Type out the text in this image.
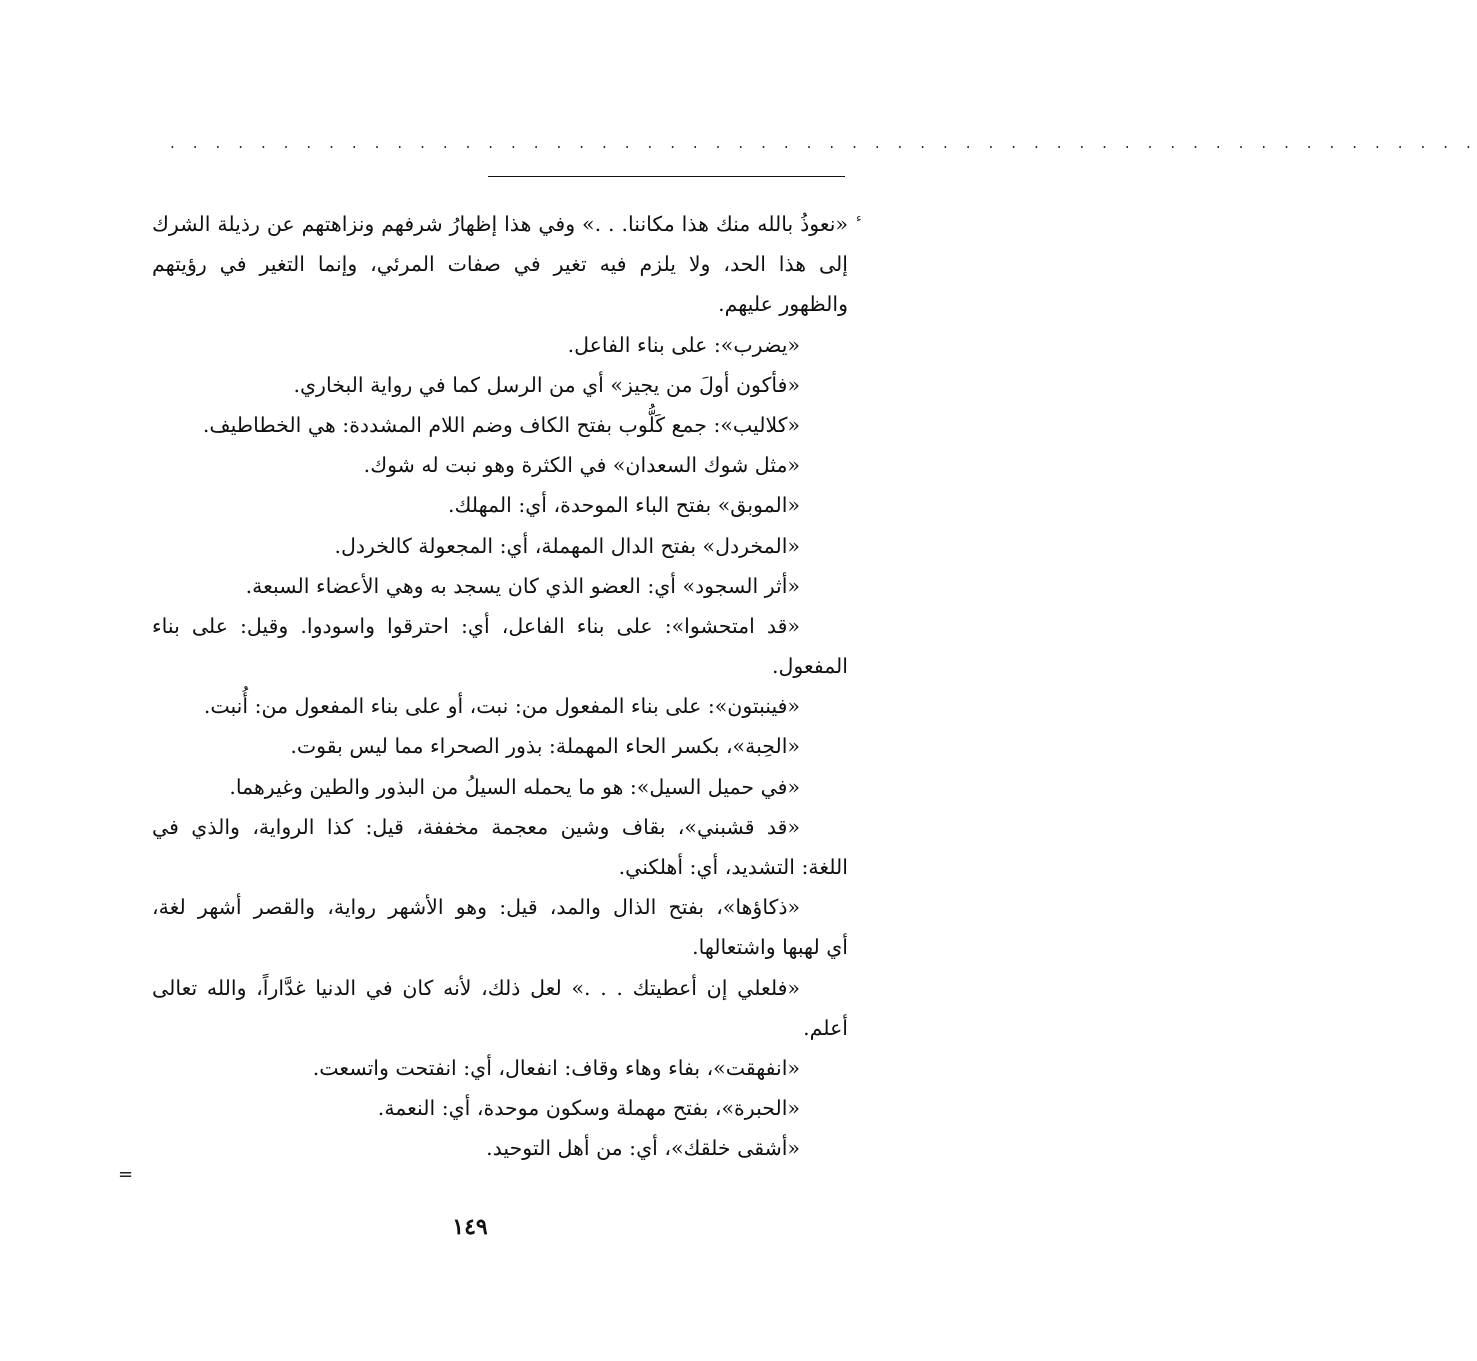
. . . . . . . . . . . . . . . . . . . . . . . . . . . . . . . . . . . . . . . . . . . . . . . . . . . . . . . . . .
ء
«نعوذُ بالله منك هذا مكاننا. . .» وفي هذا إظهارُ شرفهم ونزاهتهم عن رذيلة الشرك
إلى هذا الحد، ولا يلزم فيه تغير في صفات المرئي، وإنما التغير في رؤيتهم
والظهور عليهم.
«يضرب»: على بناء الفاعل.
«فأكون أولَ من يجيز» أي من الرسل كما في رواية البخاري.
«كلاليب»: جمع كَلُّوب بفتح الكاف وضم اللام المشددة: هي الخطاطيف.
«مثل شوك السعدان» في الكثرة وهو نبت له شوك.
«الموبق» بفتح الباء الموحدة، أي: المهلك.
«المخردل» بفتح الدال المهملة، أي: المجعولة كالخردل.
«أثر السجود» أي: العضو الذي كان يسجد به وهي الأعضاء السبعة.
«قد امتحشوا»: على بناء الفاعل، أي: احترقوا واسودوا. وقيل: على بناء
المفعول.
«فينبتون»: على بناء المفعول من: نبت، أو على بناء المفعول من: أُنبت.
«الحِبة»، بكسر الحاء المهملة: بذور الصحراء مما ليس بقوت.
«في حميل السيل»: هو ما يحمله السيلُ من البذور والطين وغيرهما.
«قد قشبني»، بقاف وشين معجمة مخففة، قيل: كذا الرواية، والذي في
اللغة: التشديد، أي: أهلكني.
«ذكاؤها»، بفتح الذال والمد، قيل: وهو الأشهر رواية، والقصر أشهر لغة،
أي لهبها واشتعالها.
«فلعلي إن أعطيتك . . .» لعل ذلك، لأنه كان في الدنيا غدَّاراً، والله تعالى
أعلم.
«انفهقت»، بفاء وهاء وقاف: انفعال، أي: انفتحت واتسعت.
«الحبرة»، بفتح مهملة وسكون موحدة، أي: النعمة.
«أشقى خلقك»، أي: من أهل التوحيد.
=
١٤٩
